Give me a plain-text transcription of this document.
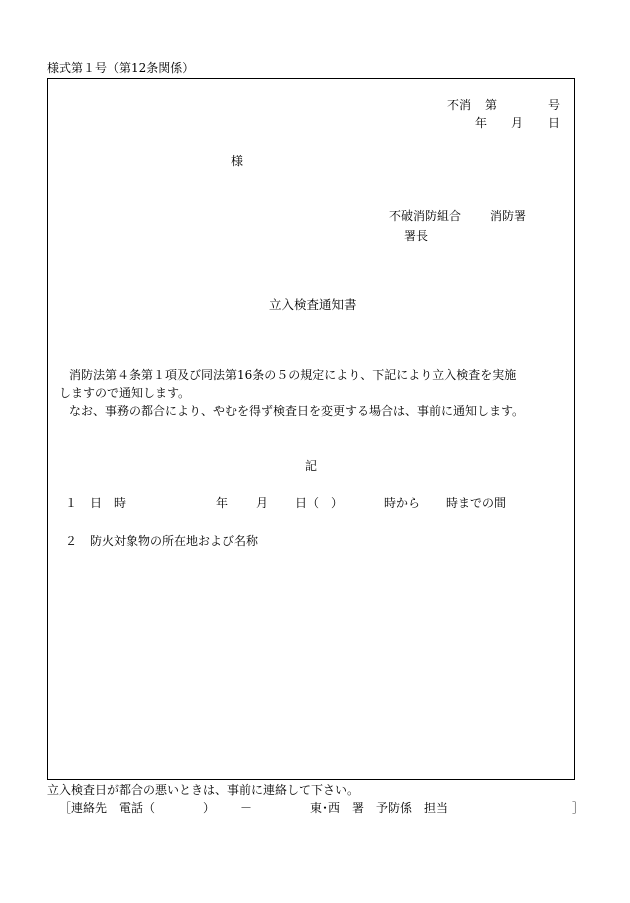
様式第１号（第12条関係）
不消 第	号
年 月 日
様
不破消防組合 消防署
署長
立入検査通知書
消防法第４条第１項及び同法第16条の５の規定により、下記により立入検査を実施
しますので通知します。
なお、事務の都合により、やむを得ず検査日を変更する場合は、事前に通知します。
記
１ 日　時	年 月 日（　）	時から 時までの間
２ 防火対象物の所在地および名称
立入検査日が都合の悪いときは、事前に連絡して下さい。
［連絡先　電話（	） －	東･西　署　予防係　担当	］
